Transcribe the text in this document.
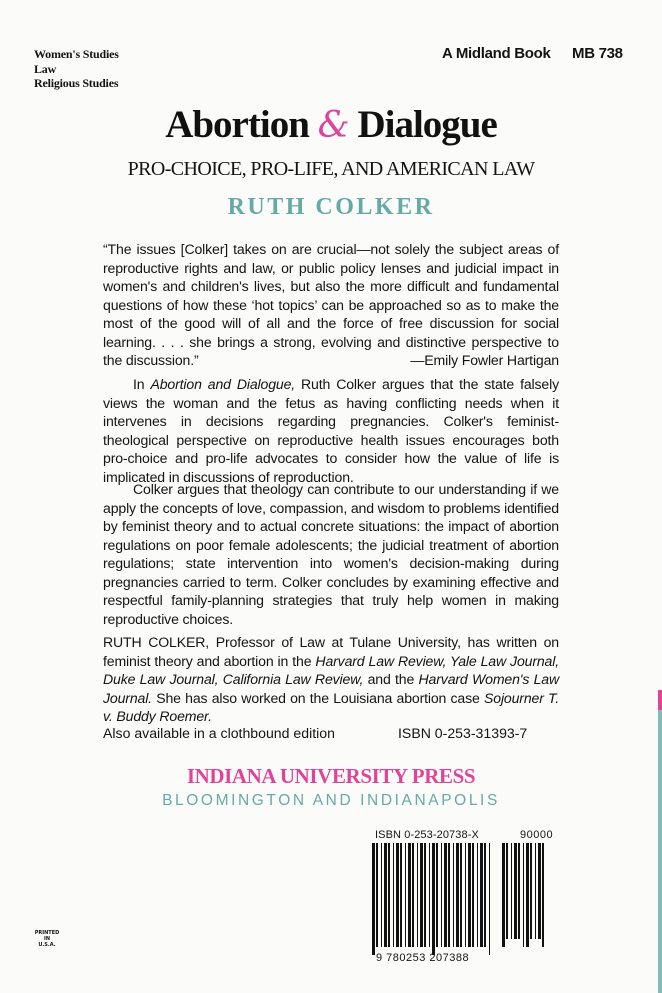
Women's Studies
Law
Religious Studies
A Midland Book MB 738
Abortion & Dialogue
PRO-CHOICE, PRO-LIFE, AND AMERICAN LAW
RUTH COLKER
“The issues [Colker] takes on are crucial—not solely the subject areas of reproductive rights and law, or public policy lenses and judicial impact in women's and children's lives, but also the more difficult and fundamental questions of how these ‘hot topics’ can be approached so as to make the most of the good will of all and the force of free discussion for social learning. . . . she brings a strong, evolving and distinctive perspective to the discussion.”	—Emily Fowler Hartigan
In Abortion and Dialogue, Ruth Colker argues that the state falsely views the woman and the fetus as having conflicting needs when it intervenes in decisions regarding pregnancies. Colker's feminist-theological perspective on reproductive health issues encourages both pro-choice and pro-life advocates to consider how the value of life is implicated in discussions of reproduction.
Colker argues that theology can contribute to our understanding if we apply the concepts of love, compassion, and wisdom to problems identified by feminist theory and to actual concrete situations: the impact of abortion regulations on poor female adolescents; the judicial treatment of abortion regulations; state intervention into women's decision-making during pregnancies carried to term. Colker concludes by examining effective and respectful family-planning strategies that truly help women in making reproductive choices.
RUTH COLKER, Professor of Law at Tulane University, has written on feminist theory and abortion in the Harvard Law Review, Yale Law Journal, Duke Law Journal, California Law Review, and the Harvard Women's Law Journal. She has also worked on the Louisiana abortion case Sojourner T. v. Buddy Roemer.
Also available in a clothbound edition	ISBN 0-253-31393-7
INDIANA UNIVERSITY PRESS
BLOOMINGTON AND INDIANAPOLIS
ISBN 0-253-20738-X	90000
9 780253 207388
PRINTED
IN
U.S.A.
